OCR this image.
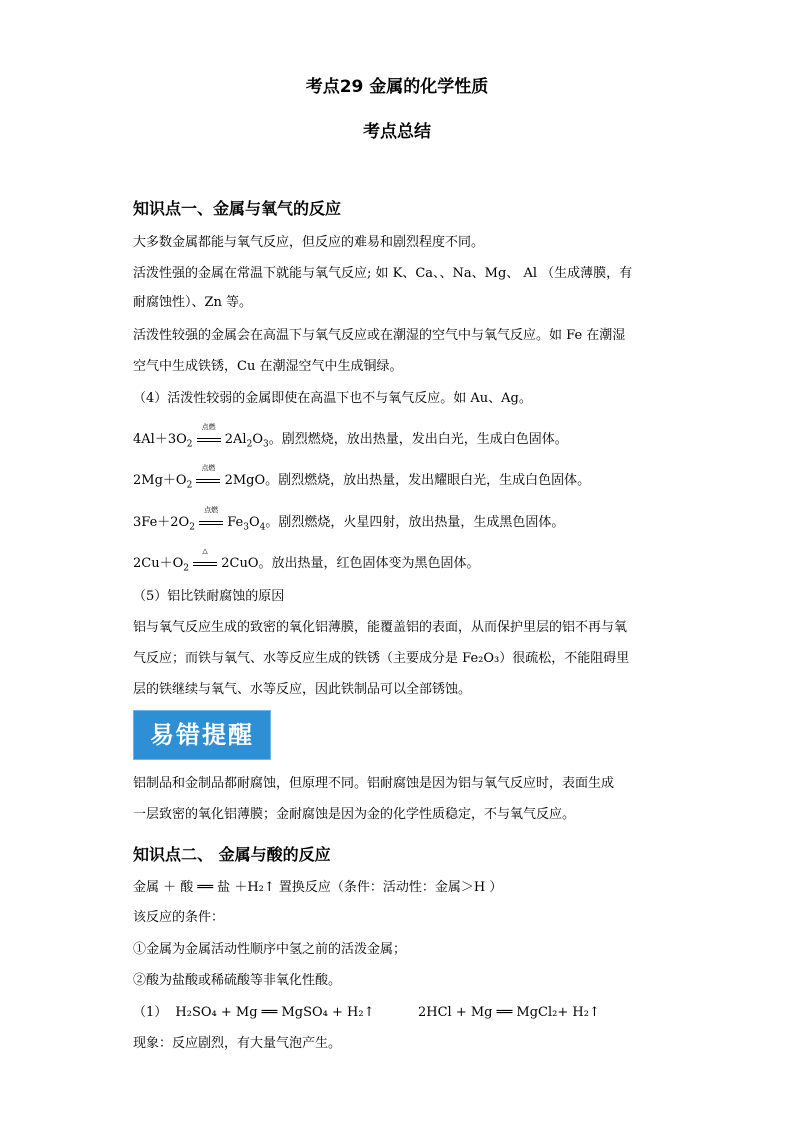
考点29 金属的化学性质
考点总结
知识点一、金属与氧气的反应
大多数金属都能与氧气反应，但反应的难易和剧烈程度不同。
活泼性强的金属在常温下就能与氧气反应; 如 K、Ca、、Na、Mg、 Al （生成薄膜，有
耐腐蚀性）、Zn 等。
活泼性较强的金属会在高温下与氧气反应或在潮湿的空气中与氧气反应。如 Fe 在潮湿
空气中生成铁锈，Cu 在潮湿空气中生成铜绿。
（4）活泼性较弱的金属即使在高温下也不与氧气反应。如 Au、Ag。
$4Al+3O_2$
点燃
$2Al_2O_3$。剧烈燃烧，放出热量，发出白光，生成白色固体。
$2Mg+O_2$
点燃
2MgO。剧烈燃烧，放出热量，发出耀眼白光，生成白色固体。
$3Fe+2O_2$
点燃
$Fe_3O_4$。剧烈燃烧，火星四射，放出热量，生成黑色固体。
$2Cu+O_2$
△
2CuO。放出热量，红色固体变为黑色固体。
（5）铝比铁耐腐蚀的原因
铝与氧气反应生成的致密的氧化铝薄膜，能覆盖铝的表面，从而保护里层的铝不再与氧
气反应；而铁与氧气、水等反应生成的铁锈（主要成分是 Fe₂O₃）很疏松，不能阻碍里
层的铁继续与氧气、水等反应，因此铁制品可以全部锈蚀。
易错提醒
铝制品和金制品都耐腐蚀，但原理不同。铝耐腐蚀是因为铝与氧气反应时，表面生成
一层致密的氧化铝薄膜；金耐腐蚀是因为金的化学性质稳定，不与氧气反应。
知识点二、 金属与酸的反应
金属 ＋ 酸 ══ 盐 ＋H₂↑ 置换反应（条件：活动性：金属＞H ）
该反应的条件：
①金属为金属活动性顺序中氢之前的活泼金属；
②酸为盐酸或稀硫酸等非氧化性酸。
（1） H₂SO₄ + Mg ══ MgSO₄ + H₂↑	2HCl + Mg ══ MgCl₂+ H₂↑
现象：反应剧烈，有大量气泡产生。
